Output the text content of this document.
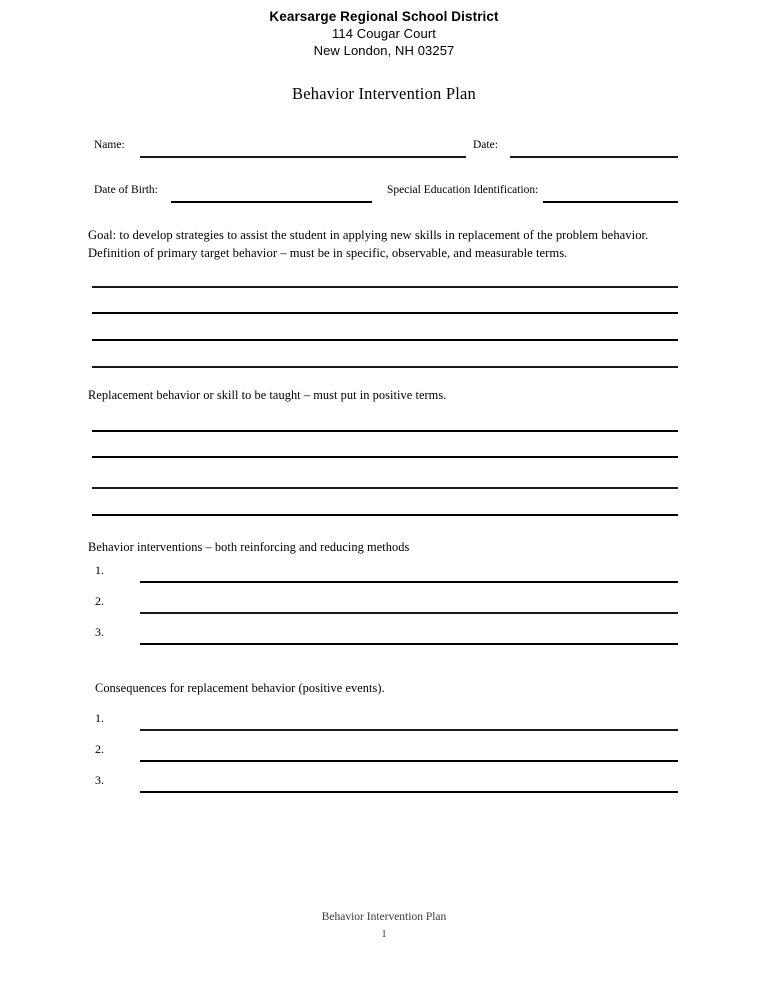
Kearsarge Regional School District
114 Cougar Court
New London, NH 03257
Behavior Intervention Plan
Name:	Date:
Date of Birth:	Special Education Identification:
Goal: to develop strategies to assist the student in applying new skills in replacement of the problem behavior.
Definition of primary target behavior – must be in specific, observable, and measurable terms.
Replacement behavior or skill to be taught – must put in positive terms.
Behavior interventions – both reinforcing and reducing methods
1.
2.
3.
Consequences for replacement behavior (positive events).
1.
2.
3.
Behavior Intervention Plan
1
